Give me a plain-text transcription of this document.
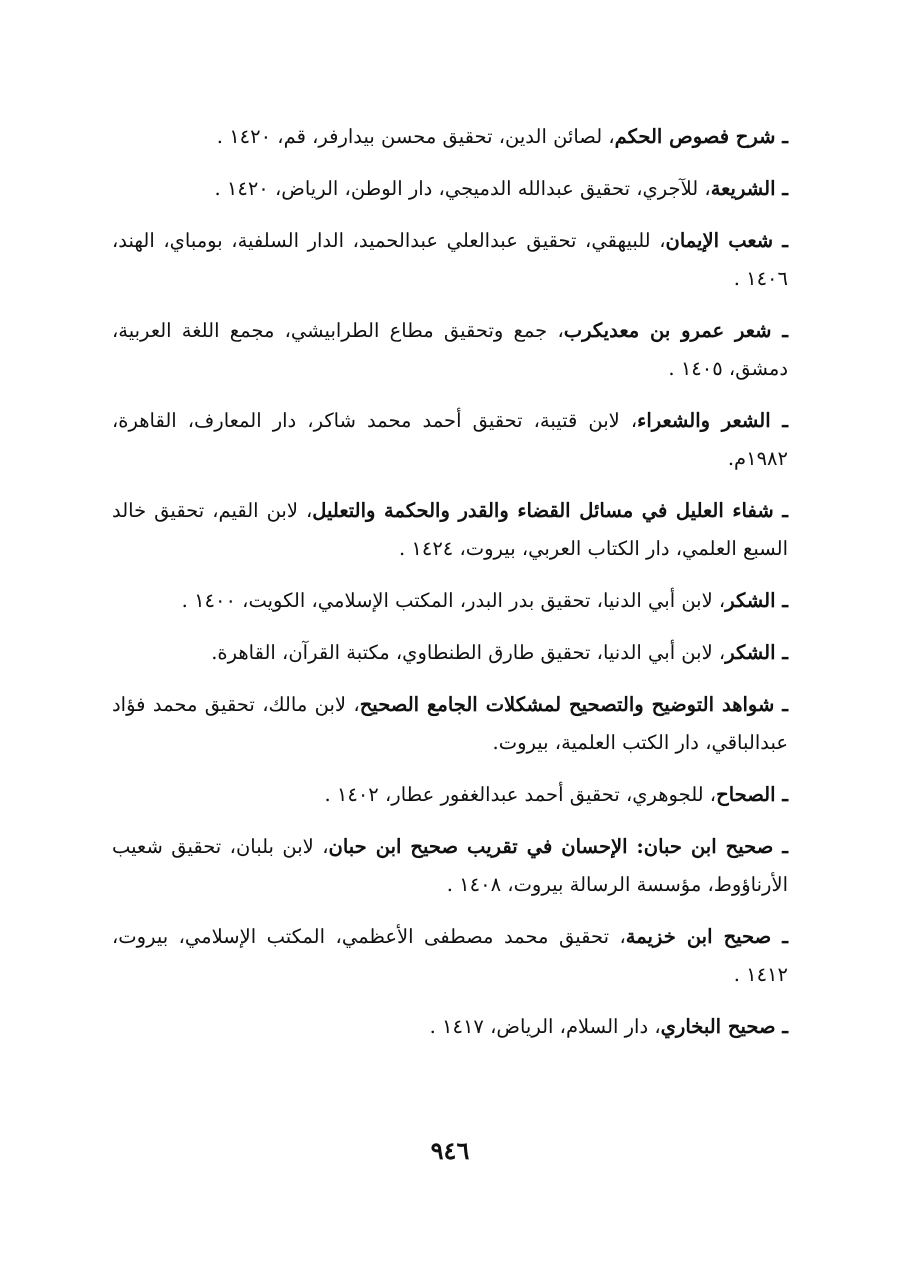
ـ شرح فصوص الحكم، لصائن الدين، تحقيق محسن بيدارفر، قم، ١٤٢٠ .

ـ الشريعة، للآجري، تحقيق عبدالله الدميجي، دار الوطن، الرياض، ١٤٢٠ .

ـ شعب الإيمان، للبيهقي، تحقيق عبدالعلي عبدالحميد، الدار السلفية، بومباي، الهند، ١٤٠٦ .

ـ شعر عمرو بن معديكرب، جمع وتحقيق مطاع الطرابيشي، مجمع اللغة العربية، دمشق، ١٤٠٥ .

ـ الشعر والشعراء، لابن قتيبة، تحقيق أحمد محمد شاكر، دار المعارف، القاهرة، ١٩٨٢م.

ـ شفاء العليل في مسائل القضاء والقدر والحكمة والتعليل، لابن القيم، تحقيق خالد السبع العلمي، دار الكتاب العربي، بيروت، ١٤٢٤ .

ـ الشكر، لابن أبي الدنيا، تحقيق بدر البدر، المكتب الإسلامي، الكويت، ١٤٠٠ .

ـ الشكر، لابن أبي الدنيا، تحقيق طارق الطنطاوي، مكتبة القرآن، القاهرة.

ـ شواهد التوضيح والتصحيح لمشكلات الجامع الصحيح، لابن مالك، تحقيق محمد فؤاد عبدالباقي، دار الكتب العلمية، بيروت.

ـ الصحاح، للجوهري، تحقيق أحمد عبدالغفور عطار، ١٤٠٢ .

ـ صحيح ابن حبان: الإحسان في تقريب صحيح ابن حبان، لابن بلبان، تحقيق شعيب الأرناؤوط، مؤسسة الرسالة بيروت، ١٤٠٨ .

ـ صحيح ابن خزيمة، تحقيق محمد مصطفى الأعظمي، المكتب الإسلامي، بيروت، ١٤١٢ .

ـ صحيح البخاري، دار السلام، الرياض، ١٤١٧ .

٩٤٦
